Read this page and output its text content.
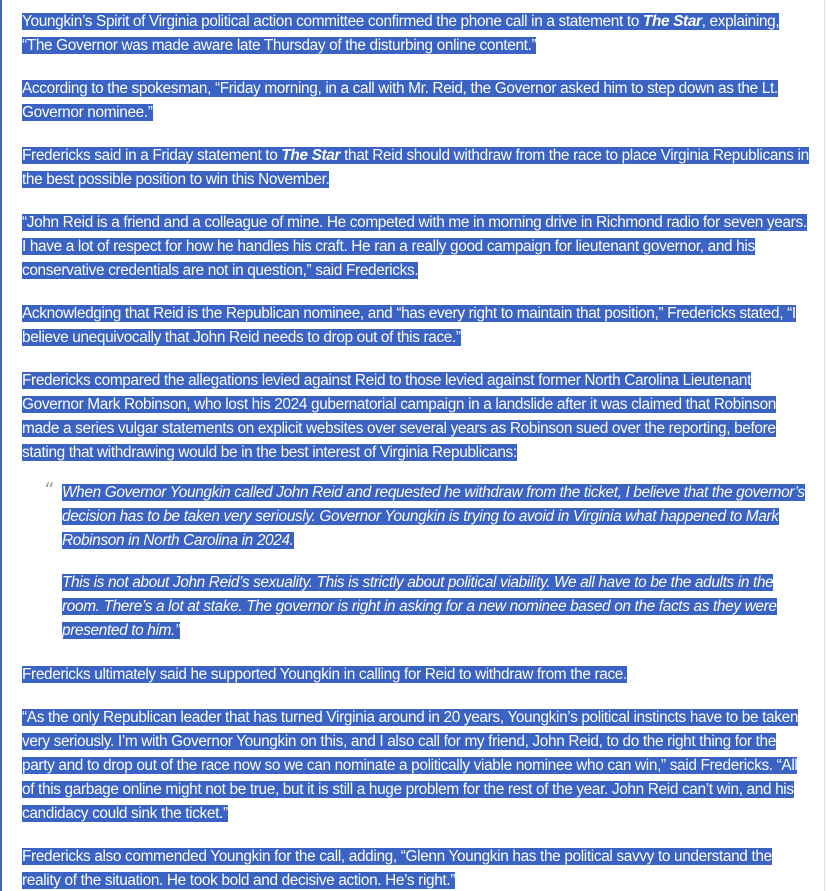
Youngkin’s Spirit of Virginia political action committee confirmed the phone call in a statement to The Star, explaining, “The Governor was made aware late Thursday of the disturbing online content.”

According to the spokesman, “Friday morning, in a call with Mr. Reid, the Governor asked him to step down as the Lt. Governor nominee.”

Fredericks said in a Friday statement to The Star that Reid should withdraw from the race to place Virginia Republicans in the best possible position to win this November.

“John Reid is a friend and a colleague of mine. He competed with me in morning drive in Richmond radio for seven years. I have a lot of respect for how he handles his craft. He ran a really good campaign for lieutenant governor, and his conservative credentials are not in question,” said Fredericks.

Acknowledging that Reid is the Republican nominee, and “has every right to maintain that position,” Fredericks stated, “I believe unequivocally that John Reid needs to drop out of this race.”

Fredericks compared the allegations levied against Reid to those levied against former North Carolina Lieutenant Governor Mark Robinson, who lost his 2024 gubernatorial campaign in a landslide after it was claimed that Robinson made a series vulgar statements on explicit websites over several years as Robinson sued over the reporting, before stating that withdrawing would be in the best interest of Virginia Republicans:

“ When Governor Youngkin called John Reid and requested he withdraw from the ticket, I believe that the governor’s decision has to be taken very seriously. Governor Youngkin is trying to avoid in Virginia what happened to Mark Robinson in North Carolina in 2024.

This is not about John Reid’s sexuality. This is strictly about political viability. We all have to be the adults in the room. There’s a lot at stake. The governor is right in asking for a new nominee based on the facts as they were presented to him.”

Fredericks ultimately said he supported Youngkin in calling for Reid to withdraw from the race.

“As the only Republican leader that has turned Virginia around in 20 years, Youngkin’s political instincts have to be taken very seriously. I’m with Governor Youngkin on this, and I also call for my friend, John Reid, to do the right thing for the party and to drop out of the race now so we can nominate a politically viable nominee who can win,” said Fredericks. “All of this garbage online might not be true, but it is still a huge problem for the rest of the year. John Reid can’t win, and his candidacy could sink the ticket.”

Fredericks also commended Youngkin for the call, adding, “Glenn Youngkin has the political savvy to understand the reality of the situation. He took bold and decisive action. He’s right.”
